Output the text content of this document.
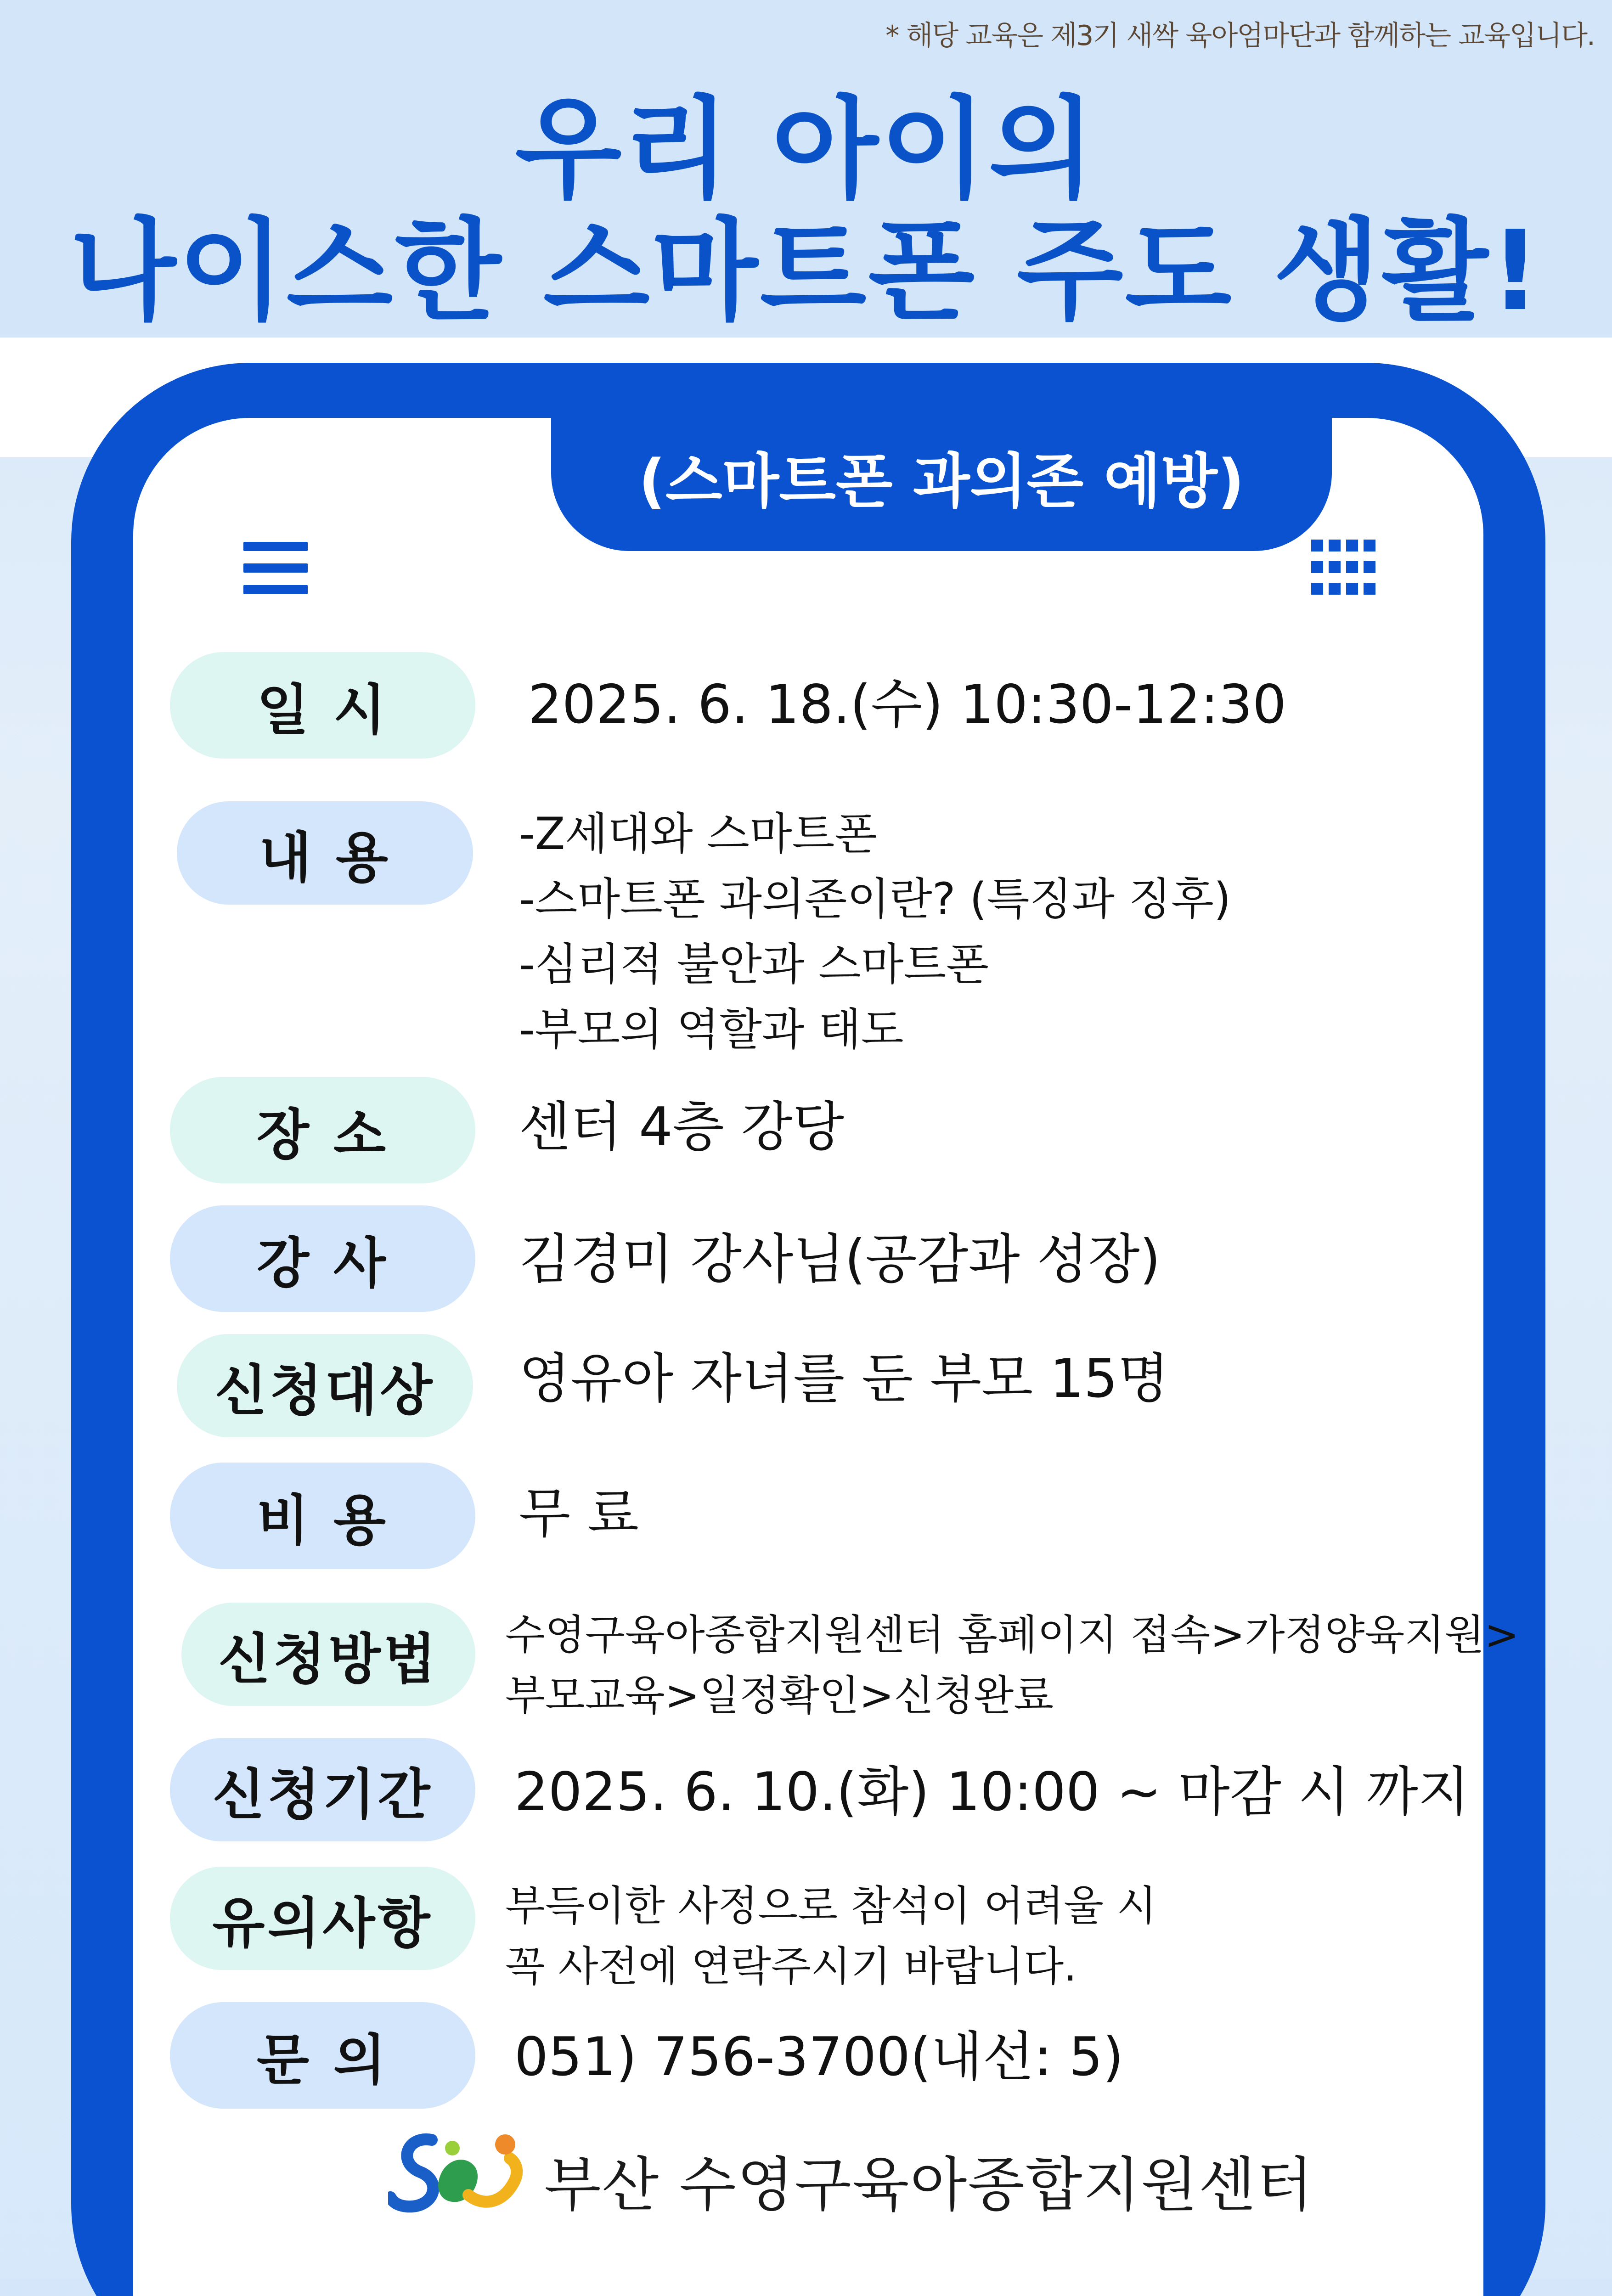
* 해당 교육은 제3기 새싹 육아엄마단과 함께하는 교육입니다.
우리 아이의
나이스한 스마트폰 주도 생활!
(스마트폰 과의존 예방)
일 시	2025. 6. 18.(수) 10:30-12:30
내 용	-Z세대와 스마트폰
-스마트폰 과의존이란? (특징과 징후)
-심리적 불안과 스마트폰
-부모의 역할과 태도
장 소	센터 4층 강당
강 사	김경미 강사님(공감과 성장)
신청대상	영유아 자녀를 둔 부모 15명
비 용	무 료
신청방법	수영구육아종합지원센터 홈페이지 접속>가정양육지원>
부모교육>일정확인>신청완료
신청기간	2025. 6. 10.(화) 10:00 ~ 마감 시 까지
유의사항	부득이한 사정으로 참석이 어려울 시
꼭 사전에 연락주시기 바랍니다.
문 의	051) 756-3700(내선: 5)
부산 수영구육아종합지원센터
